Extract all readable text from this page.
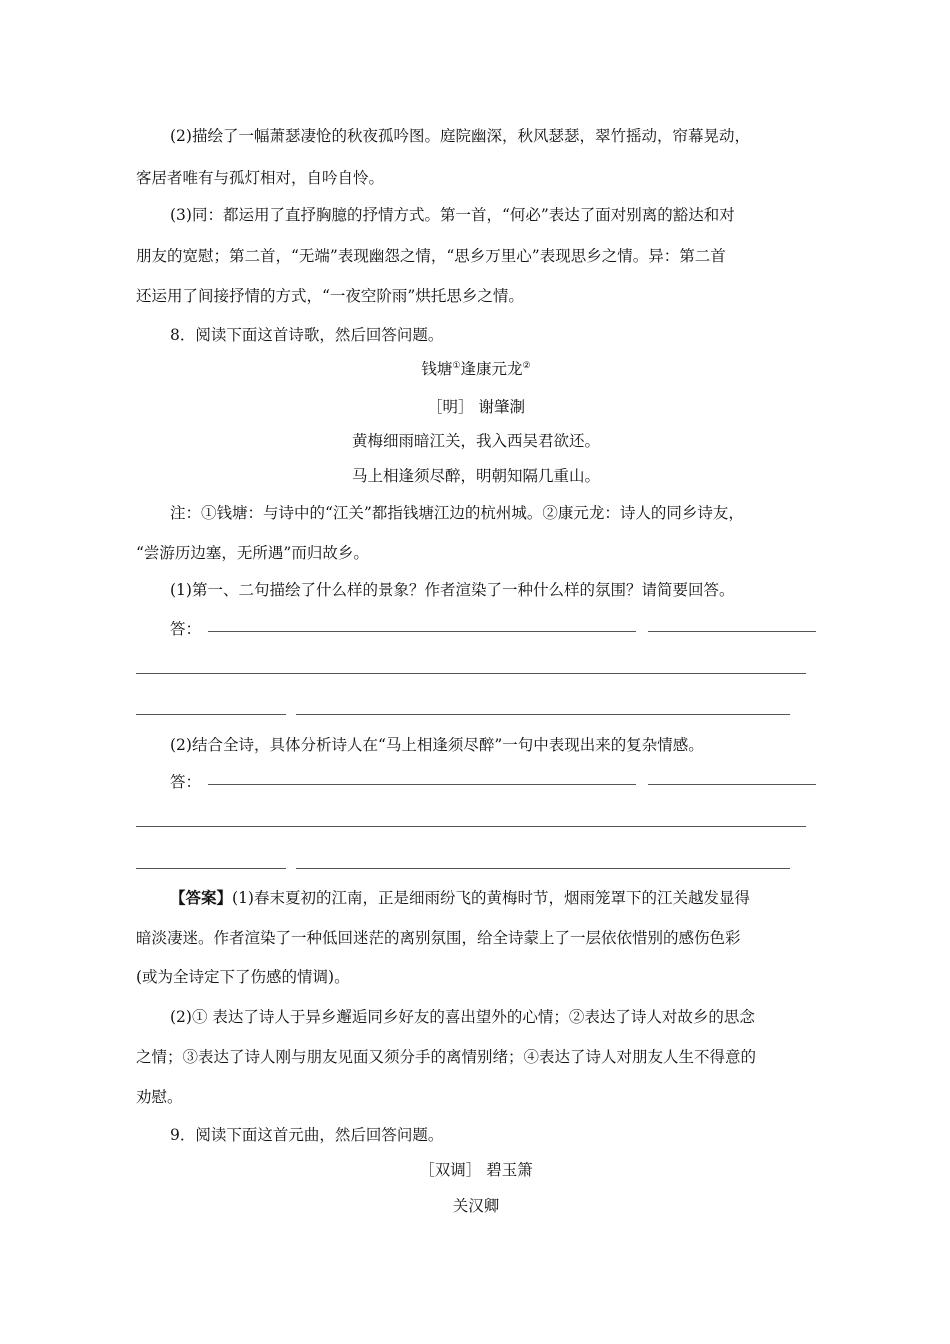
(2)描绘了一幅萧瑟凄怆的秋夜孤吟图。庭院幽深，秋风瑟瑟，翠竹摇动，帘幕晃动，
客居者唯有与孤灯相对，自吟自怜。
(3)同：都运用了直抒胸臆的抒情方式。第一首，“何必”表达了面对别离的豁达和对
朋友的宽慰；第二首，“无端”表现幽怨之情，“思乡万里心”表现思乡之情。异：第二首
还运用了间接抒情的方式，“一夜空阶雨”烘托思乡之情。
8．阅读下面这首诗歌，然后回答问题。
钱塘①逢康元龙②
［明］ 谢肇淛
黄梅细雨暗江关，我入西吴君欲还。
马上相逢须尽醉，明朝知隔几重山。
注：①钱塘：与诗中的“江关”都指钱塘江边的杭州城。②康元龙：诗人的同乡诗友，
“尝游历边塞，无所遇”而归故乡。
(1)第一、二句描绘了什么样的景象？作者渲染了一种什么样的氛围？请简要回答。
答：
(2)结合全诗，具体分析诗人在“马上相逢须尽醉”一句中表现出来的复杂情感。
答：
【答案】(1)春末夏初的江南，正是细雨纷飞的黄梅时节，烟雨笼罩下的江关越发显得
暗淡凄迷。作者渲染了一种低回迷茫的离别氛围，给全诗蒙上了一层依依惜别的感伤色彩
(或为全诗定下了伤感的情调)。
(2)① 表达了诗人于异乡邂逅同乡好友的喜出望外的心情；②表达了诗人对故乡的思念
之情；③表达了诗人刚与朋友见面又须分手的离情别绪；④表达了诗人对朋友人生不得意的
劝慰。
9．阅读下面这首元曲，然后回答问题。
［双调］ 碧玉箫
关汉卿
